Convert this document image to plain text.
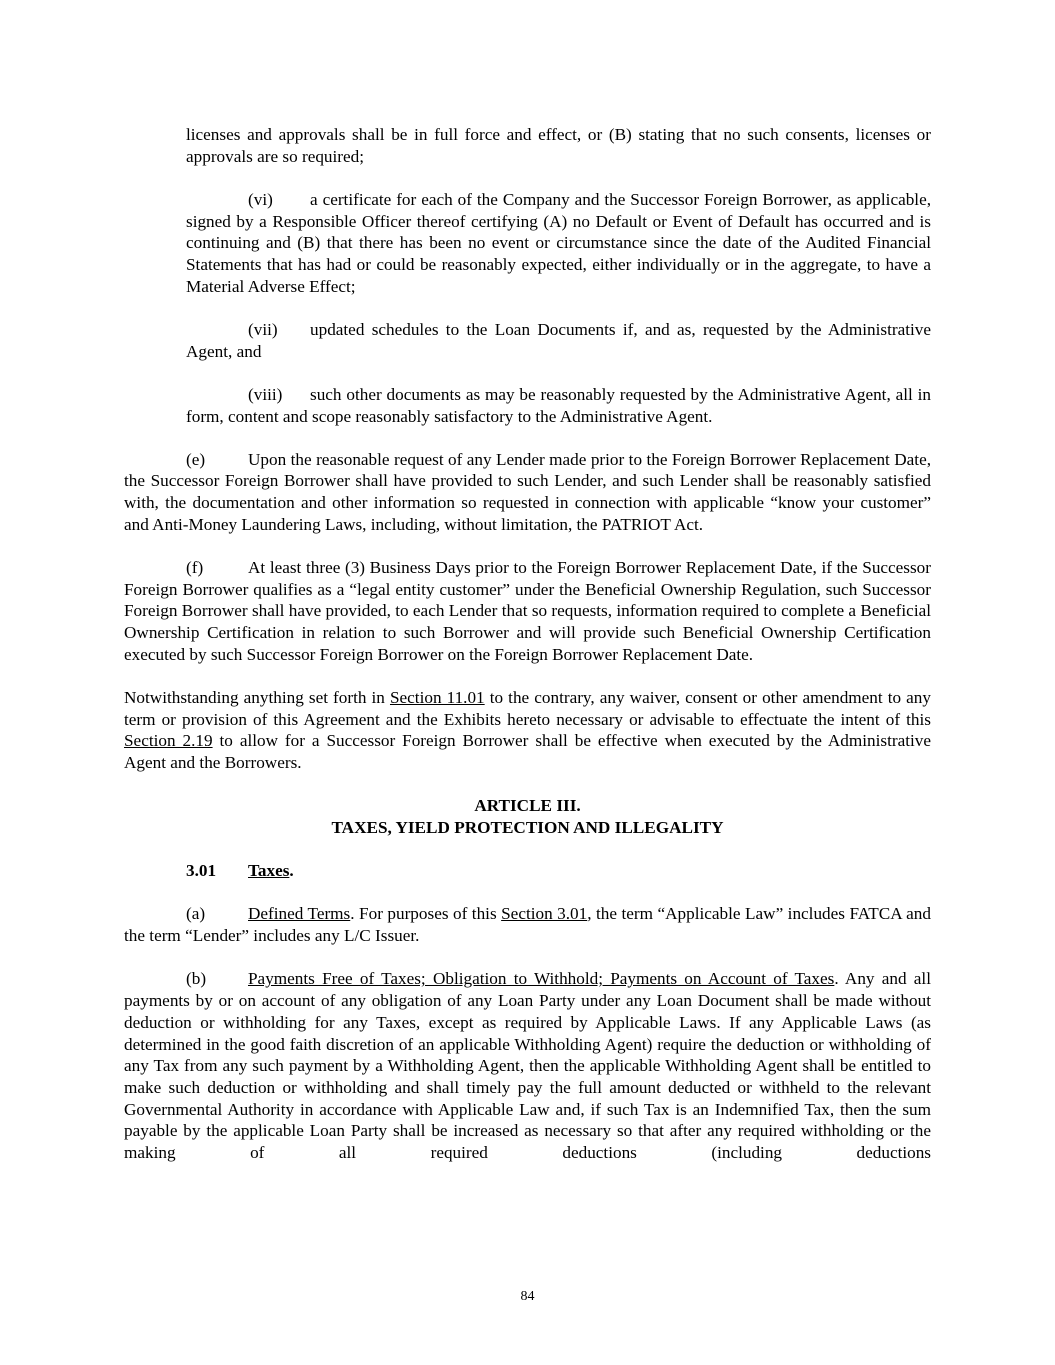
licenses and approvals shall be in full force and effect, or (B) stating that no such consents, licenses or approvals are so required;

(vi) a certificate for each of the Company and the Successor Foreign Borrower, as applicable, signed by a Responsible Officer thereof certifying (A) no Default or Event of Default has occurred and is continuing and (B) that there has been no event or circumstance since the date of the Audited Financial Statements that has had or could be reasonably expected, either individually or in the aggregate, to have a Material Adverse Effect;

(vii) updated schedules to the Loan Documents if, and as, requested by the Administrative Agent, and

(viii) such other documents as may be reasonably requested by the Administrative Agent, all in form, content and scope reasonably satisfactory to the Administrative Agent.

(e) Upon the reasonable request of any Lender made prior to the Foreign Borrower Replacement Date, the Successor Foreign Borrower shall have provided to such Lender, and such Lender shall be reasonably satisfied with, the documentation and other information so requested in connection with applicable “know your customer” and Anti-Money Laundering Laws, including, without limitation, the PATRIOT Act.

(f)	At least three (3) Business Days prior to the Foreign Borrower Replacement Date, if the Successor Foreign Borrower qualifies as a “legal entity customer” under the Beneficial Ownership Regulation, such Successor Foreign Borrower shall have provided, to each Lender that so requests, information required to complete a Beneficial Ownership Certification in relation to such Borrower and will provide such Beneficial Ownership Certification executed by such Successor Foreign Borrower on the Foreign Borrower Replacement Date.

Notwithstanding anything set forth in Section 11.01 to the contrary, any waiver, consent or other amendment to any term or provision of this Agreement and the Exhibits hereto necessary or advisable to effectuate the intent of this Section 2.19 to allow for a Successor Foreign Borrower shall be effective when executed by the Administrative Agent and the Borrowers.

ARTICLE III.
TAXES, YIELD PROTECTION AND ILLEGALITY
3.01 Taxes.

(a) Defined Terms. For purposes of this Section 3.01, the term “Applicable Law” includes FATCA and the term “Lender” includes any L/C Issuer.

(b) Payments Free of Taxes; Obligation to Withhold; Payments on Account of Taxes. Any and all payments by or on account of any obligation of any Loan Party under any Loan Document shall be made without deduction or withholding for any Taxes, except as required by Applicable Laws. If any Applicable Laws (as determined in the good faith discretion of an applicable Withholding Agent) require the deduction or withholding of any Tax from any such payment by a Withholding Agent, then the applicable Withholding Agent shall be entitled to make such deduction or withholding and shall timely pay the full amount deducted or withheld to the relevant Governmental Authority in accordance with Applicable Law and, if such Tax is an Indemnified Tax, then the sum payable by the applicable Loan Party shall be increased as necessary so that after any required withholding or the making of all required deductions (including deductions

84
